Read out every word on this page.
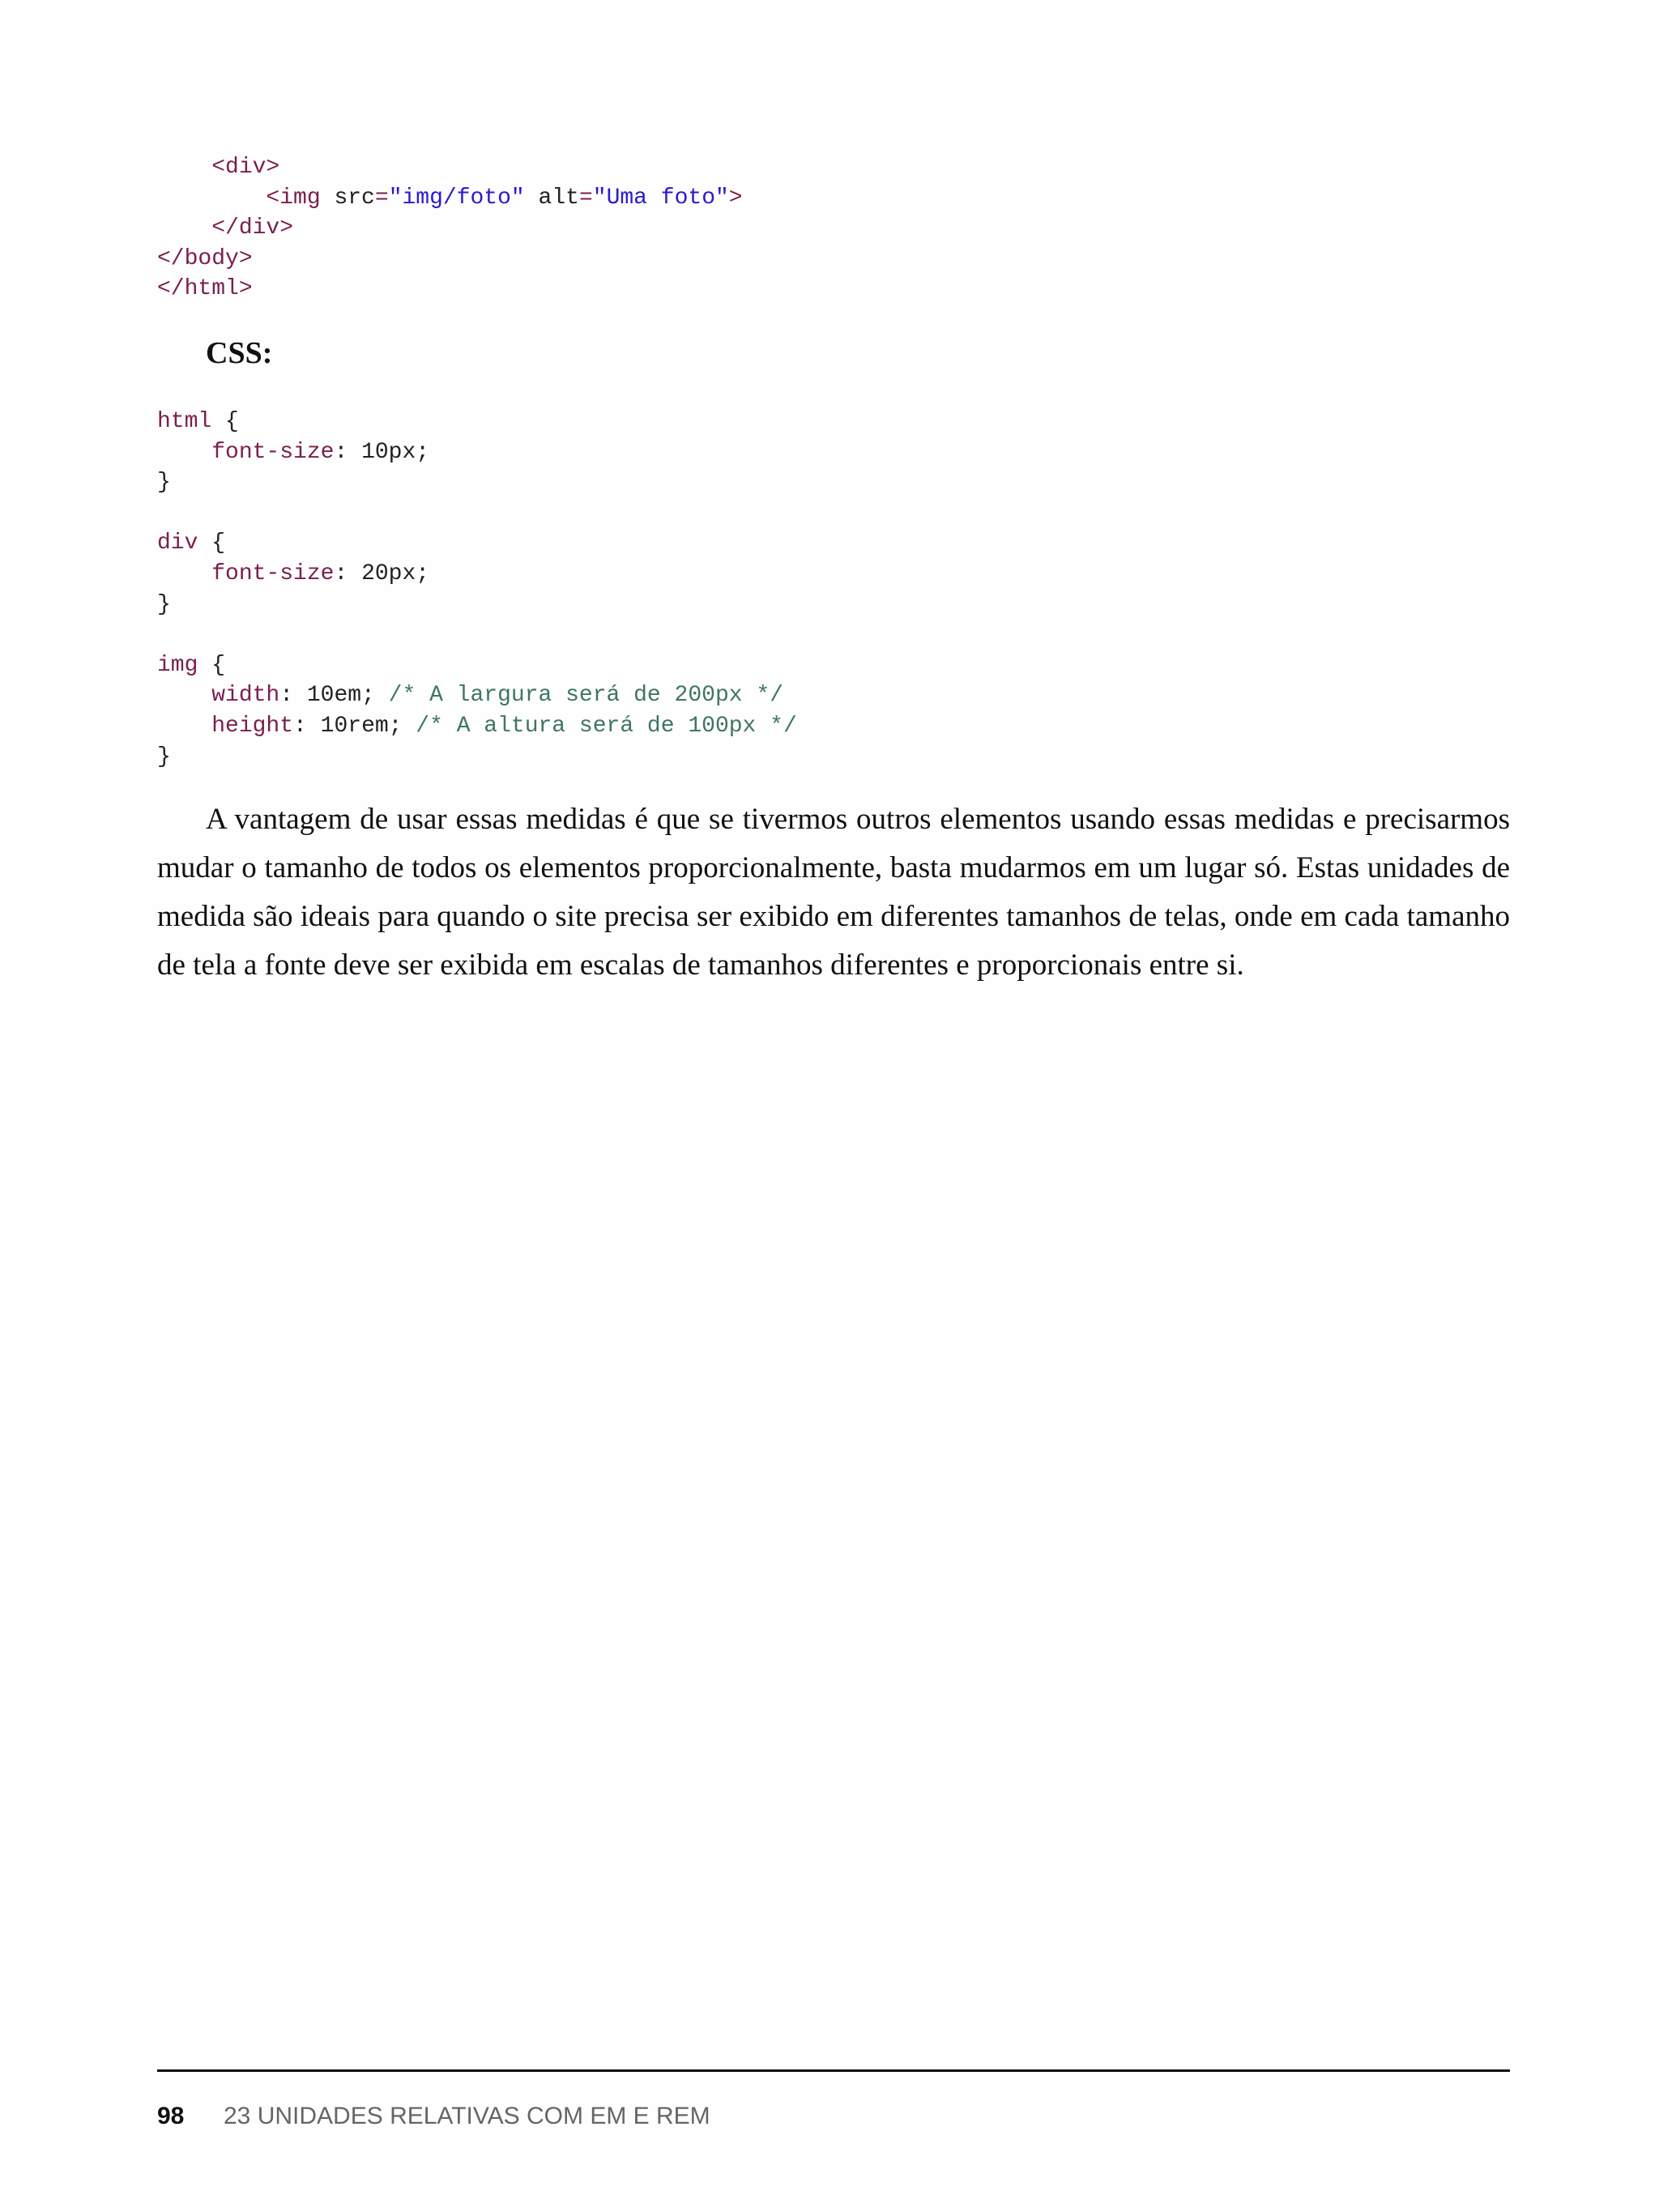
<div>
<img src="img/foto" alt="Uma foto">
</div>
</body>
</html>
CSS:
html {
font-size: 10px;
}

div {
font-size: 20px;
}

img {
width: 10em; /* A largura será de 200px */
height: 10rem; /* A altura será de 100px */
}

A vantagem de usar essas medidas é que se tivermos outros elementos usando essas medidas e precisarmos mudar o tamanho de todos os elementos proporcionalmente, basta mudarmos em um lugar só. Estas unidades de medida são ideais para quando o site precisa ser exibido em diferentes tamanhos de telas, onde em cada tamanho de tela a fonte deve ser exibida em escalas de tamanhos diferentes e proporcionais entre si.

98 23 UNIDADES RELATIVAS COM EM E REM
